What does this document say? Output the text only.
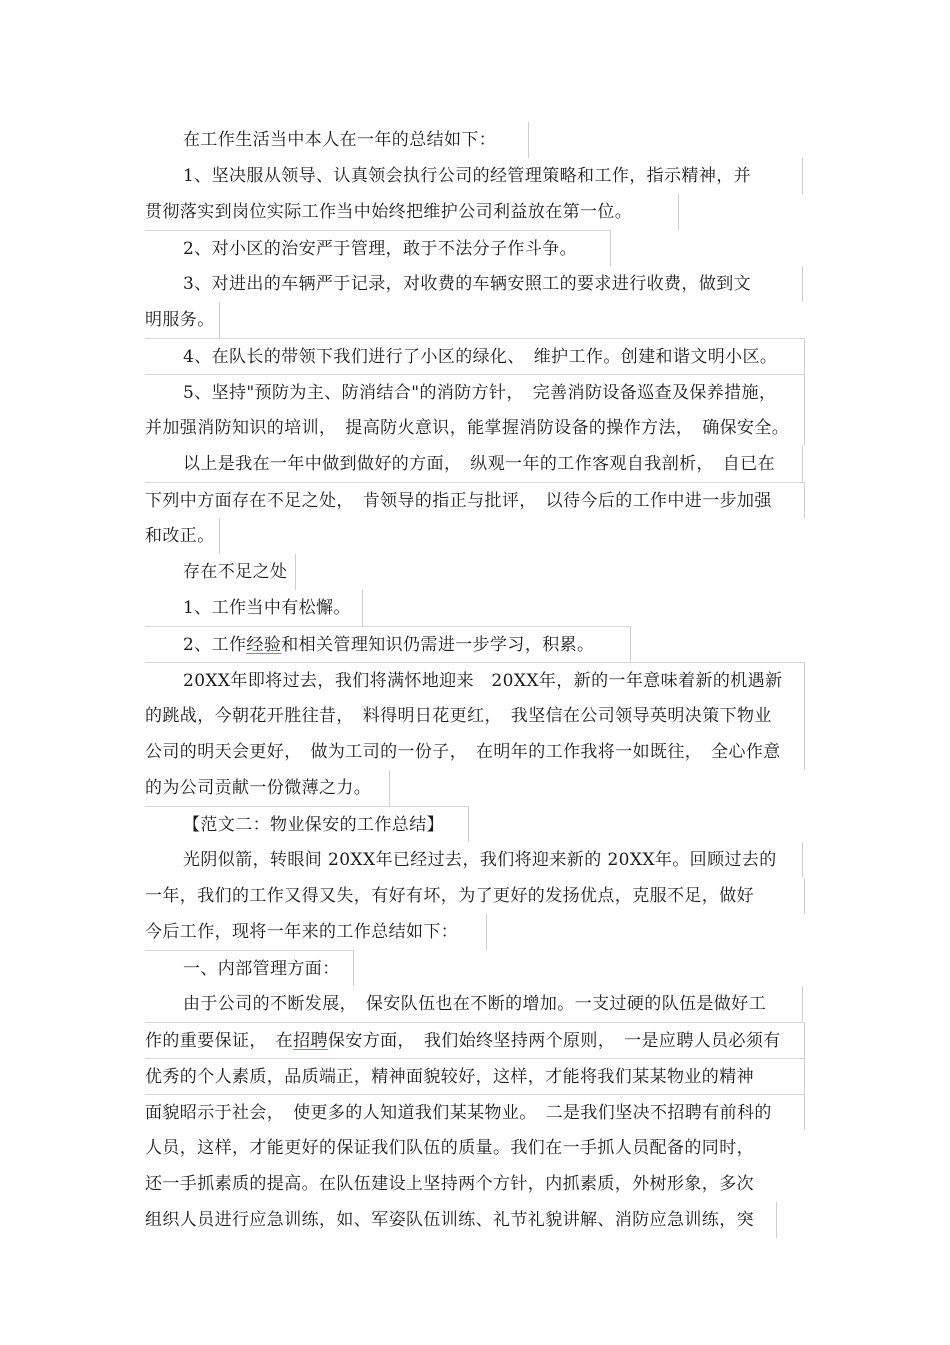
在工作生活当中本人在一年的总结如下：
1、坚决服从领导、认真领会执行公司的经管理策略和工作，指示精神，并
贯彻落实到岗位实际工作当中始终把维护公司利益放在第一位。
2、对小区的治安严于管理，敢于不法分子作斗争。
3、对进出的车辆严于记录，对收费的车辆安照工的要求进行收费，做到文
明服务。
4、在队长的带领下我们进行了小区的绿化、　维护工作。创建和谐文明小区。
5、坚持"预防为主、防消结合"的消防方针，　完善消防设备巡查及保养措施，
并加强消防知识的培训，　提高防火意识，能掌握消防设备的操作方法，　确保安全。
以上是我在一年中做到做好的方面，　纵观一年的工作客观自我剖析，　自已在
下列中方面存在不足之处，　肯领导的指正与批评，　以待今后的工作中进一步加强
和改正。
存在不足之处
1、工作当中有松懈。
2、工作经验和相关管理知识仍需进一步学习，积累。
20XX年即将过去，我们将满怀地迎来　20XX年，新的一年意味着新的机遇新
的跳战，今朝花开胜往昔，　料得明日花更红，　我坚信在公司领导英明决策下物业
公司的明天会更好，　做为工司的一份子，　在明年的工作我将一如既往，　全心作意
的为公司贡献一份微薄之力。
【范文二：物业保安的工作总结】
光阴似箭，转眼间 20XX年已经过去，我们将迎来新的 20XX年。回顾过去的
一年，我们的工作又得又失，有好有坏，为了更好的发扬优点，克服不足，做好
今后工作，现将一年来的工作总结如下：
一、内部管理方面：
由于公司的不断发展，　保安队伍也在不断的增加。一支过硬的队伍是做好工
作的重要保证，　在招聘保安方面，　我们始终坚持两个原则，　一是应聘人员必须有
优秀的个人素质，品质端正，精神面貌较好，这样，才能将我们某某物业的精神
面貌昭示于社会，　使更多的人知道我们某某物业。　二是我们坚决不招聘有前科的
人员，这样，才能更好的保证我们队伍的质量。我们在一手抓人员配备的同时，
还一手抓素质的提高。在队伍建设上坚持两个方针，内抓素质，外树形象，多次
组织人员进行应急训练，如、军姿队伍训练、礼节礼貌讲解、消防应急训练，突
